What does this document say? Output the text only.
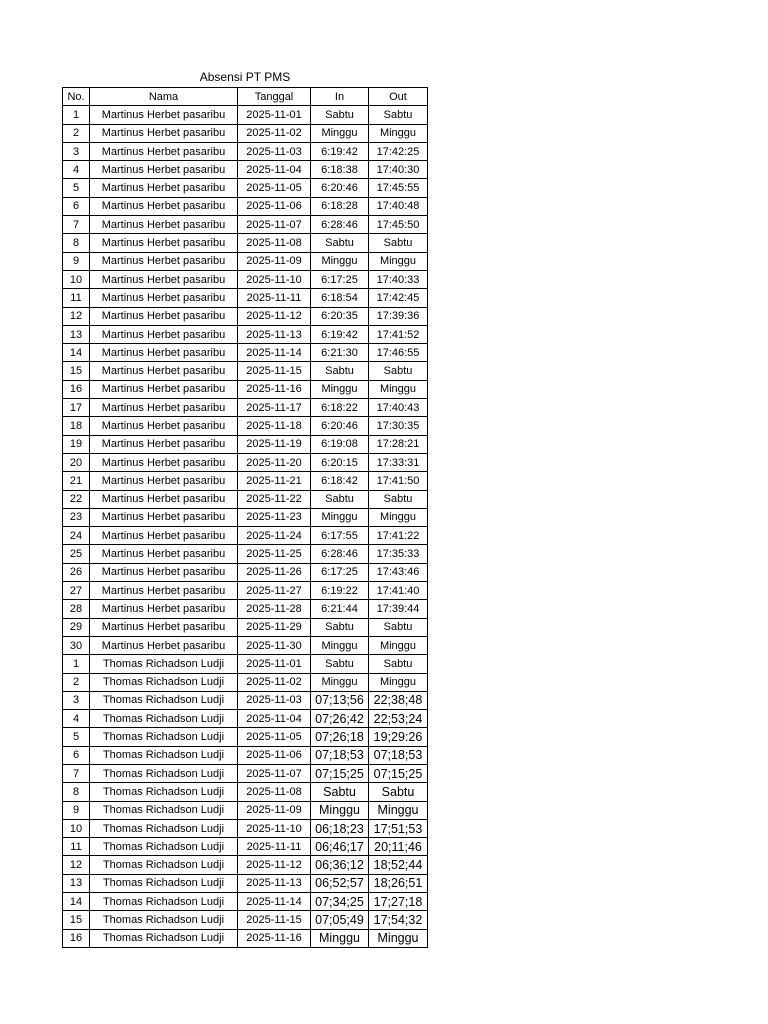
Absensi PT PMS
No.	Nama	Tanggal	In	Out
1	Martinus Herbet pasaribu	2025-11-01	Sabtu	Sabtu
2	Martinus Herbet pasaribu	2025-11-02	Minggu	Minggu
3	Martinus Herbet pasaribu	2025-11-03	6:19:42	17:42:25
4	Martinus Herbet pasaribu	2025-11-04	6:18:38	17:40:30
5	Martinus Herbet pasaribu	2025-11-05	6:20:46	17:45:55
6	Martinus Herbet pasaribu	2025-11-06	6:18:28	17:40:48
7	Martinus Herbet pasaribu	2025-11-07	6:28:46	17:45:50
8	Martinus Herbet pasaribu	2025-11-08	Sabtu	Sabtu
9	Martinus Herbet pasaribu	2025-11-09	Minggu	Minggu
10	Martinus Herbet pasaribu	2025-11-10	6:17:25	17:40:33
11	Martinus Herbet pasaribu	2025-11-11	6:18:54	17:42:45
12	Martinus Herbet pasaribu	2025-11-12	6:20:35	17:39:36
13	Martinus Herbet pasaribu	2025-11-13	6:19:42	17:41:52
14	Martinus Herbet pasaribu	2025-11-14	6:21:30	17:46:55
15	Martinus Herbet pasaribu	2025-11-15	Sabtu	Sabtu
16	Martinus Herbet pasaribu	2025-11-16	Minggu	Minggu
17	Martinus Herbet pasaribu	2025-11-17	6:18:22	17:40:43
18	Martinus Herbet pasaribu	2025-11-18	6:20:46	17:30:35
19	Martinus Herbet pasaribu	2025-11-19	6:19:08	17:28:21
20	Martinus Herbet pasaribu	2025-11-20	6:20:15	17:33:31
21	Martinus Herbet pasaribu	2025-11-21	6:18:42	17:41:50
22	Martinus Herbet pasaribu	2025-11-22	Sabtu	Sabtu
23	Martinus Herbet pasaribu	2025-11-23	Minggu	Minggu
24	Martinus Herbet pasaribu	2025-11-24	6:17:55	17:41:22
25	Martinus Herbet pasaribu	2025-11-25	6:28:46	17:35:33
26	Martinus Herbet pasaribu	2025-11-26	6:17:25	17:43:46
27	Martinus Herbet pasaribu	2025-11-27	6:19:22	17:41:40
28	Martinus Herbet pasaribu	2025-11-28	6:21:44	17:39:44
29	Martinus Herbet pasaribu	2025-11-29	Sabtu	Sabtu
30	Martinus Herbet pasaribu	2025-11-30	Minggu	Minggu
1	Thomas Richadson Ludji	2025-11-01	Sabtu	Sabtu
2	Thomas Richadson Ludji	2025-11-02	Minggu	Minggu
3	Thomas Richadson Ludji	2025-11-03	07;13;56	22;38;48
4	Thomas Richadson Ludji	2025-11-04	07;26;42	22;53;24
5	Thomas Richadson Ludji	2025-11-05	07;26;18	19;29:26
6	Thomas Richadson Ludji	2025-11-06	07;18;53	07;18;53
7	Thomas Richadson Ludji	2025-11-07	07;15;25	07;15;25
8	Thomas Richadson Ludji	2025-11-08	Sabtu	Sabtu
9	Thomas Richadson Ludji	2025-11-09	Minggu	Minggu
10	Thomas Richadson Ludji	2025-11-10	06;18;23	17;51;53
11	Thomas Richadson Ludji	2025-11-11	06;46;17	20;11;46
12	Thomas Richadson Ludji	2025-11-12	06;36;12	18;52;44
13	Thomas Richadson Ludji	2025-11-13	06;52;57	18;26;51
14	Thomas Richadson Ludji	2025-11-14	07;34;25	17;27;18
15	Thomas Richadson Ludji	2025-11-15	07;05;49	17;54;32
16	Thomas Richadson Ludji	2025-11-16	Minggu	Minggu
